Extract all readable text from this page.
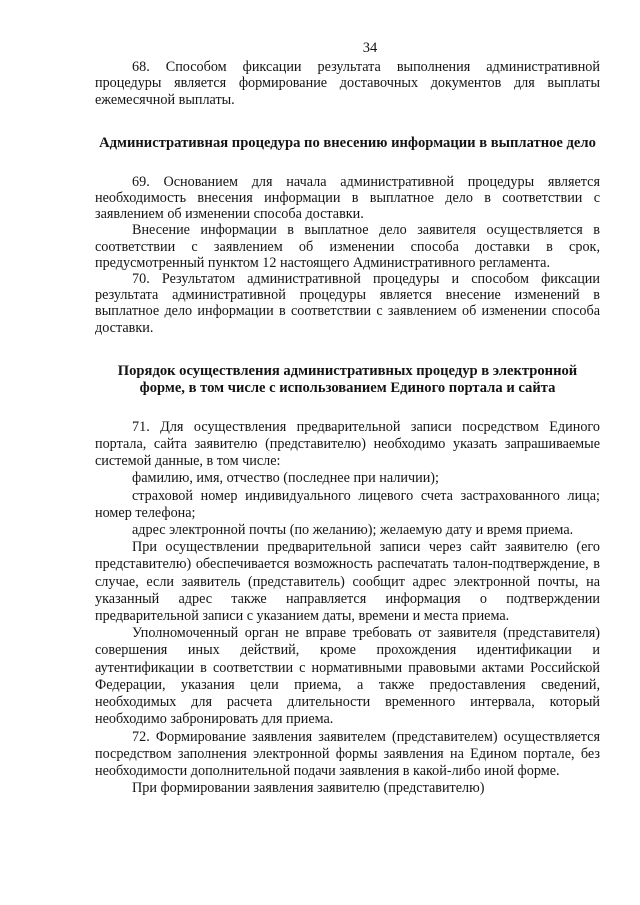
34

68. Способом фиксации результата выполнения административной процедуры является формирование доставочных документов для выплаты ежемесячной выплаты.

Административная процедура по внесению информации в выплатное дело

69. Основанием для начала административной процедуры является необходимость внесения информации в выплатное дело в соответствии с заявлением об изменении способа доставки.

Внесение информации в выплатное дело заявителя осуществляется в соответствии с заявлением об изменении способа доставки в срок, предусмотренный пунктом 12 настоящего Административного регламента.

70. Результатом административной процедуры и способом фиксации результата административной процедуры является внесение изменений в выплатное дело информации в соответствии с заявлением об изменении способа доставки.

Порядок осуществления административных процедур в электронной форме, в том числе с использованием Единого портала и сайта

71. Для осуществления предварительной записи посредством Единого портала, сайта заявителю (представителю) необходимо указать запрашиваемые системой данные, в том числе:

фамилию, имя, отчество (последнее при наличии);

страховой номер индивидуального лицевого счета застрахованного лица; номер телефона;

адрес электронной почты (по желанию); желаемую дату и время приема.

При осуществлении предварительной записи через сайт заявителю (его представителю) обеспечивается возможность распечатать талон-подтверждение, в случае, если заявитель (представитель) сообщит адрес электронной почты, на указанный адрес также направляется информация о подтверждении предварительной записи с указанием даты, времени и места приема.

Уполномоченный орган не вправе требовать от заявителя (представителя) совершения иных действий, кроме прохождения идентификации и аутентификации в соответствии с нормативными правовыми актами Российской Федерации, указания цели приема, а также предоставления сведений, необходимых для расчета длительности временного интервала, который необходимо забронировать для приема.

72. Формирование заявления заявителем (представителем) осуществляется посредством заполнения электронной формы заявления на Едином портале, без необходимости дополнительной подачи заявления в какой-либо иной форме.

При формировании заявления заявителю (представителю)
